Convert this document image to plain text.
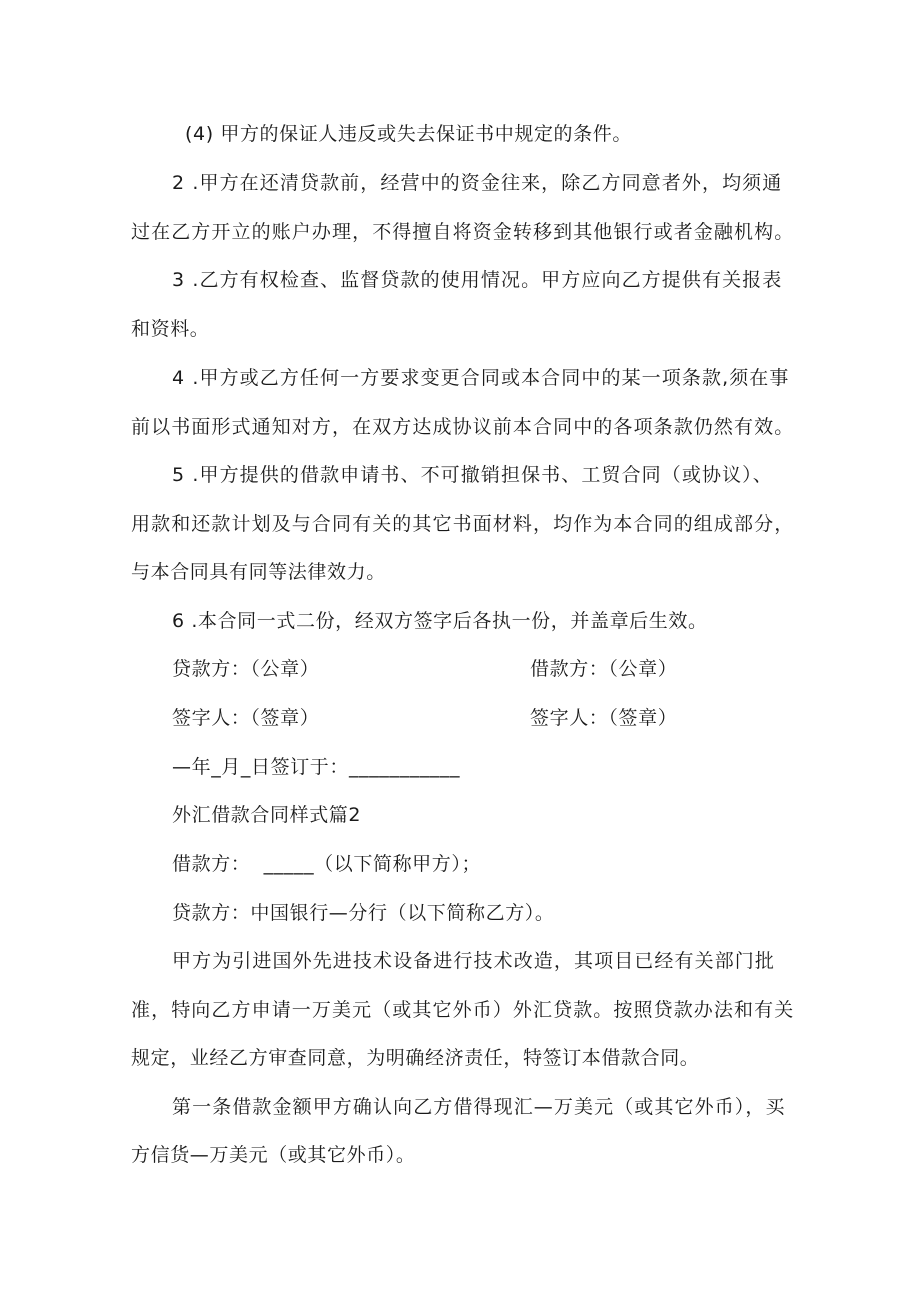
(4) 甲方的保证人违反或失去保证书中规定的条件。
2 .甲方在还清贷款前，经营中的资金往来，除乙方同意者外，均须通
过在乙方开立的账户办理，不得擅自将资金转移到其他银行或者金融机构。
3 .乙方有权检查、监督贷款的使用情况。甲方应向乙方提供有关报表
和资料。
4 .甲方或乙方任何一方要求变更合同或本合同中的某一项条款,须在事
前以书面形式通知对方，在双方达成协议前本合同中的各项条款仍然有效。
5 .甲方提供的借款申请书、不可撤销担保书、工贸合同（或协议）、
用款和还款计划及与合同有关的其它书面材料，均作为本合同的组成部分，
与本合同具有同等法律效力。
6 .本合同一式二份，经双方签字后各执一份，并盖章后生效。
贷款方：（公章）	借款方：（公章）
签字人：（签章）	签字人：（签章）
—年_月_日签订于：___________
外汇借款合同样式篇2
借款方：  _____（以下简称甲方）；
贷款方：中国银行—分行（以下简称乙方）。
甲方为引进国外先进技术设备进行技术改造，其项目已经有关部门批
准，特向乙方申请一万美元（或其它外币）外汇贷款。按照贷款办法和有关
规定，业经乙方审查同意，为明确经济责任，特签订本借款合同。
第一条借款金额甲方确认向乙方借得现汇—万美元（或其它外币），买
方信货—万美元（或其它外币）。
